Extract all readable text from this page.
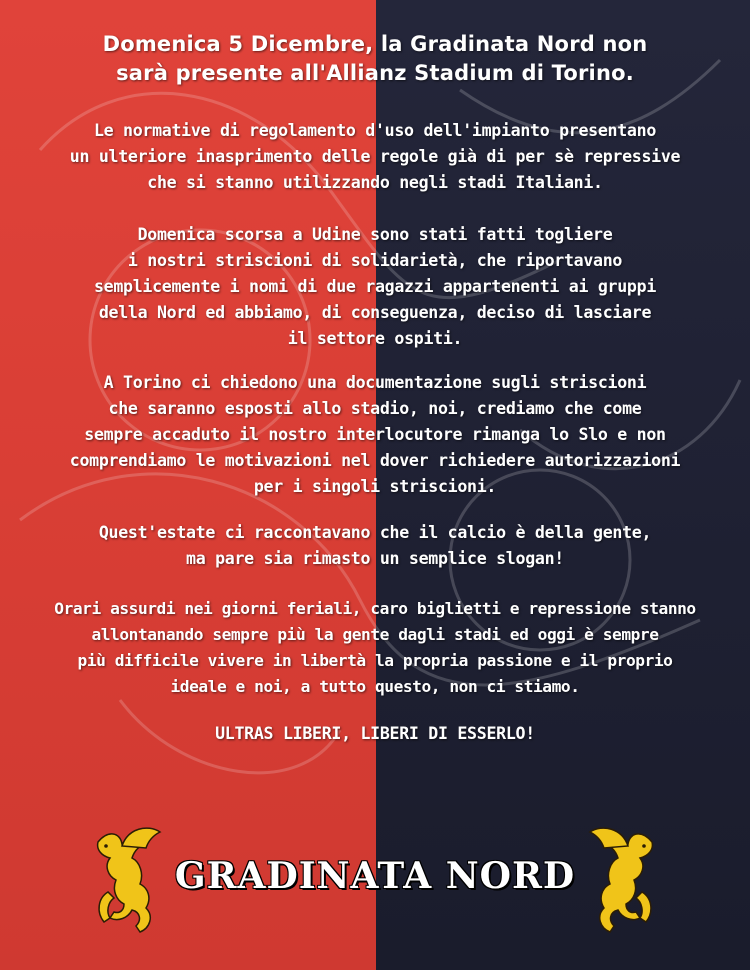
Domenica 5 Dicembre, la Gradinata Nord non
sarà presente all'Allianz Stadium di Torino.
Le normative di regolamento d'uso dell'impianto presentano
un ulteriore inasprimento delle regole già di per sè repressive
che si stanno utilizzando negli stadi Italiani.
Domenica scorsa a Udine sono stati fatti togliere
i nostri striscioni di solidarietà, che riportavano
semplicemente i nomi di due ragazzi appartenenti ai gruppi
della Nord ed abbiamo, di conseguenza, deciso di lasciare
il settore ospiti.
A Torino ci chiedono una documentazione sugli striscioni
che saranno esposti allo stadio, noi, crediamo che come
sempre accaduto il nostro interlocutore rimanga lo Slo e non
comprendiamo le motivazioni nel dover richiedere autorizzazioni
per i singoli striscioni.
Quest'estate ci raccontavano che il calcio è della gente,
ma pare sia rimasto un semplice slogan!
Orari assurdi nei giorni feriali, caro biglietti e repressione stanno
allontanando sempre più la gente dagli stadi ed oggi è sempre
più difficile vivere in libertà la propria passione e il proprio
ideale e noi, a tutto questo, non ci stiamo.
ULTRAS LIBERI, LIBERI DI ESSERLO!
GRADINATA NORD
